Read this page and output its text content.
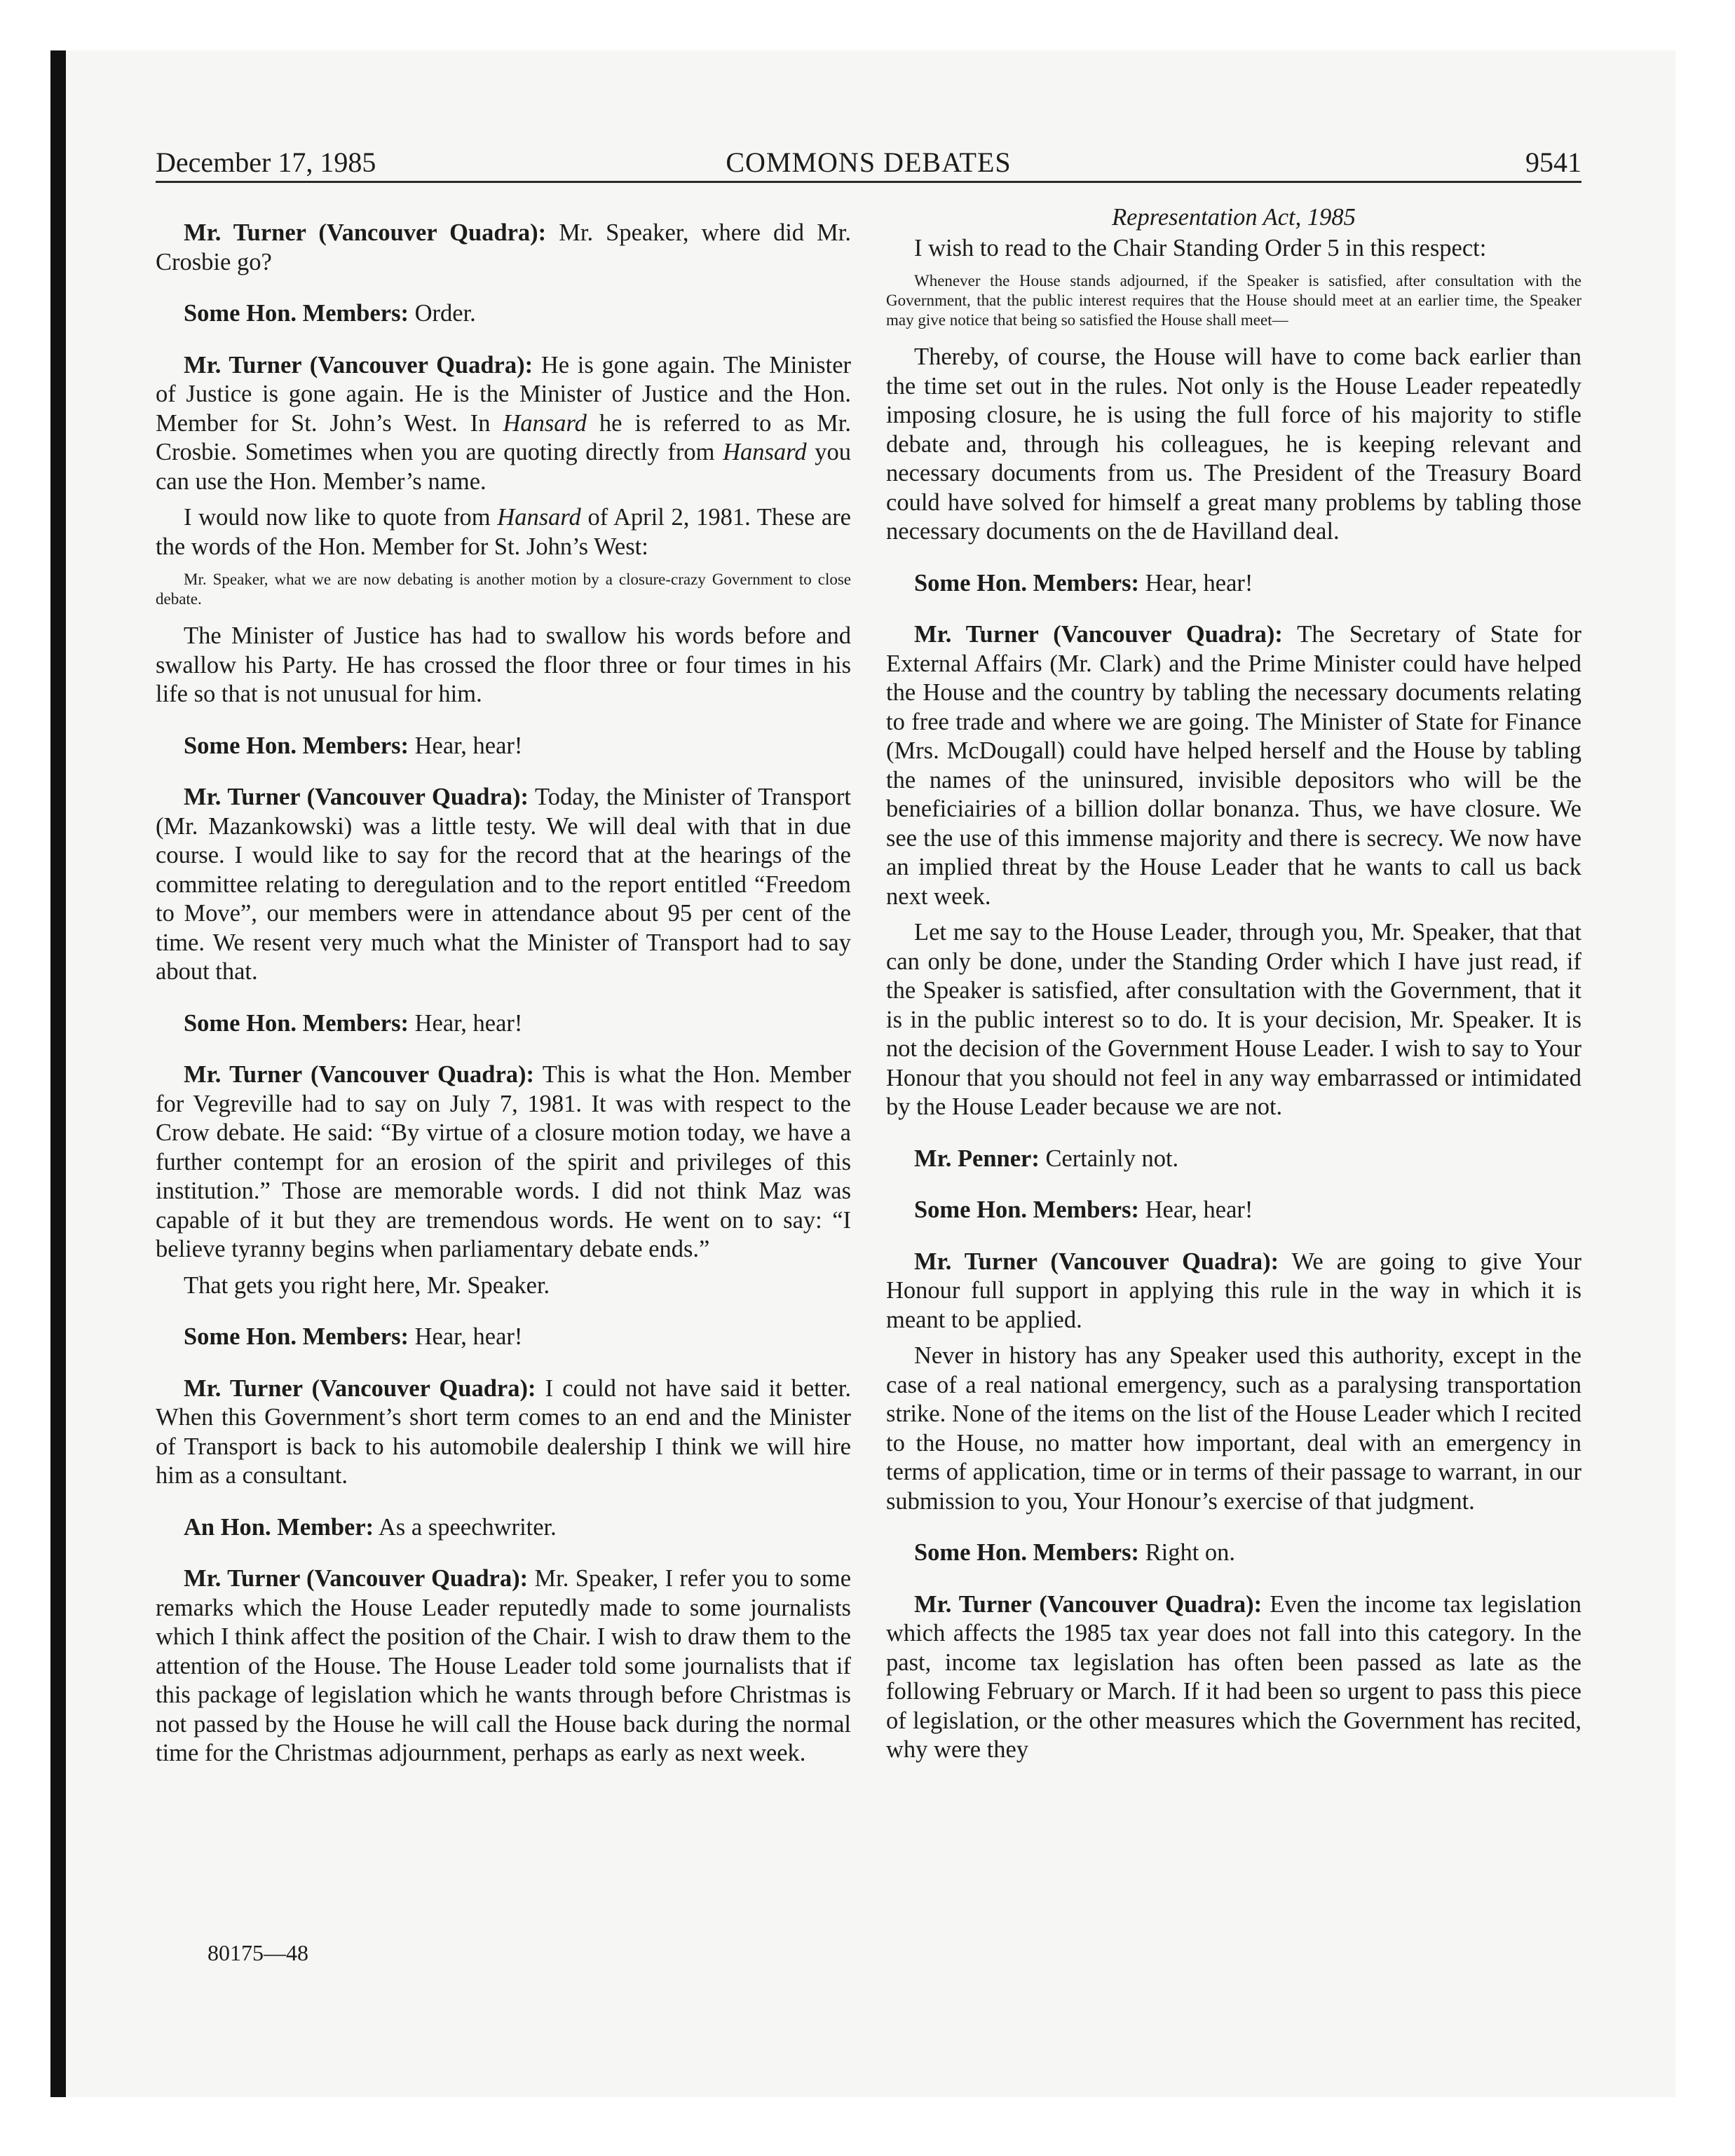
December 17, 1985	COMMONS DEBATES	9541

Mr. Turner (Vancouver Quadra): Mr. Speaker, where did Mr. Crosbie go?

Some Hon. Members: Order.

Mr. Turner (Vancouver Quadra): He is gone again. The Minister of Justice is gone again. He is the Minister of Justice and the Hon. Member for St. John’s West. In Hansard he is referred to as Mr. Crosbie. Sometimes when you are quoting directly from Hansard you can use the Hon. Member’s name.

I would now like to quote from Hansard of April 2, 1981. These are the words of the Hon. Member for St. John’s West:

Mr. Speaker, what we are now debating is another motion by a closure-crazy Government to close debate.

The Minister of Justice has had to swallow his words before and swallow his Party. He has crossed the floor three or four times in his life so that is not unusual for him.

Some Hon. Members: Hear, hear!

Mr. Turner (Vancouver Quadra): Today, the Minister of Transport (Mr. Mazankowski) was a little testy. We will deal with that in due course. I would like to say for the record that at the hearings of the committee relating to deregulation and to the report entitled “Freedom to Move”, our members were in attendance about 95 per cent of the time. We resent very much what the Minister of Transport had to say about that.

Some Hon. Members: Hear, hear!

Mr. Turner (Vancouver Quadra): This is what the Hon. Member for Vegreville had to say on July 7, 1981. It was with respect to the Crow debate. He said: “By virtue of a closure motion today, we have a further contempt for an erosion of the spirit and privileges of this institution.” Those are memorable words. I did not think Maz was capable of it but they are tremendous words. He went on to say: “I believe tyranny begins when parliamentary debate ends.”

That gets you right here, Mr. Speaker.

Some Hon. Members: Hear, hear!

Mr. Turner (Vancouver Quadra): I could not have said it better. When this Government’s short term comes to an end and the Minister of Transport is back to his automobile dealership I think we will hire him as a consultant.

An Hon. Member: As a speechwriter.

Mr. Turner (Vancouver Quadra): Mr. Speaker, I refer you to some remarks which the House Leader reputedly made to some journalists which I think affect the position of the Chair. I wish to draw them to the attention of the House. The House Leader told some journalists that if this package of legislation which he wants through before Christmas is not passed by the House he will call the House back during the normal time for the Christmas adjournment, perhaps as early as next week.

Representation Act, 1985

I wish to read to the Chair Standing Order 5 in this respect:

Whenever the House stands adjourned, if the Speaker is satisfied, after consultation with the Government, that the public interest requires that the House should meet at an earlier time, the Speaker may give notice that being so satisfied the House shall meet—

Thereby, of course, the House will have to come back earlier than the time set out in the rules. Not only is the House Leader repeatedly imposing closure, he is using the full force of his majority to stifle debate and, through his colleagues, he is keeping relevant and necessary documents from us. The President of the Treasury Board could have solved for himself a great many problems by tabling those necessary documents on the de Havilland deal.

Some Hon. Members: Hear, hear!

Mr. Turner (Vancouver Quadra): The Secretary of State for External Affairs (Mr. Clark) and the Prime Minister could have helped the House and the country by tabling the necessary documents relating to free trade and where we are going. The Minister of State for Finance (Mrs. McDougall) could have helped herself and the House by tabling the names of the uninsured, invisible depositors who will be the beneficiairies of a billion dollar bonanza. Thus, we have closure. We see the use of this immense majority and there is secrecy. We now have an implied threat by the House Leader that he wants to call us back next week.

Let me say to the House Leader, through you, Mr. Speaker, that that can only be done, under the Standing Order which I have just read, if the Speaker is satisfied, after consultation with the Government, that it is in the public interest so to do. It is your decision, Mr. Speaker. It is not the decision of the Government House Leader. I wish to say to Your Honour that you should not feel in any way embarrassed or intimidated by the House Leader because we are not.

Mr. Penner: Certainly not.

Some Hon. Members: Hear, hear!

Mr. Turner (Vancouver Quadra): We are going to give Your Honour full support in applying this rule in the way in which it is meant to be applied.

Never in history has any Speaker used this authority, except in the case of a real national emergency, such as a paralysing transportation strike. None of the items on the list of the House Leader which I recited to the House, no matter how important, deal with an emergency in terms of application, time or in terms of their passage to warrant, in our submission to you, Your Honour’s exercise of that judgment.

Some Hon. Members: Right on.

Mr. Turner (Vancouver Quadra): Even the income tax legislation which affects the 1985 tax year does not fall into this category. In the past, income tax legislation has often been passed as late as the following February or March. If it had been so urgent to pass this piece of legislation, or the other measures which the Government has recited, why were they

80175—48
